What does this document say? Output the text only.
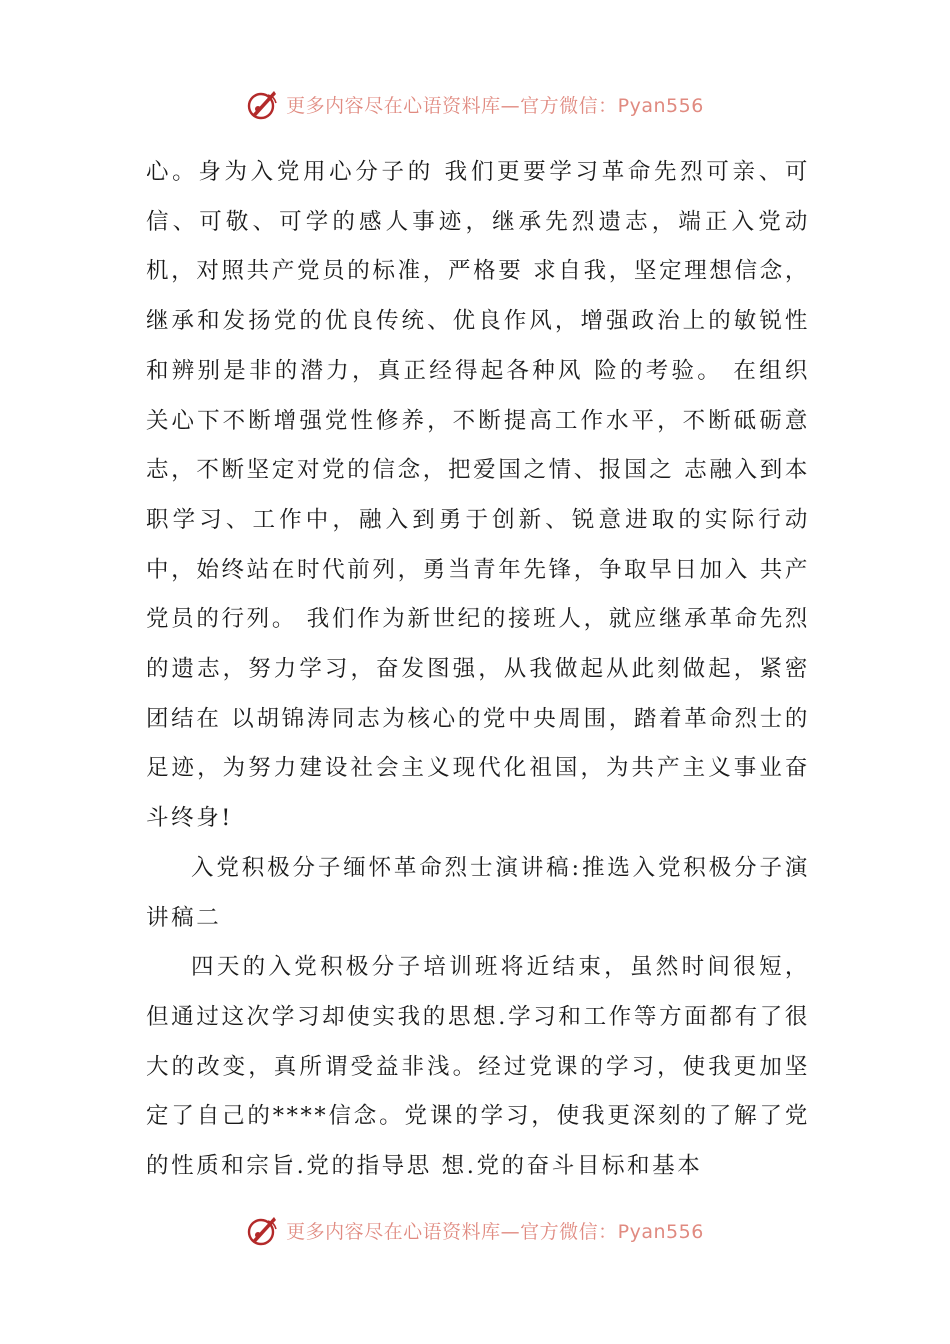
更多内容尽在心语资料库—官方微信：Pyan556

心。身为入党用心分子的 我们更要学习革命先烈可亲、可信、可敬、可学的感人事迹，继承先烈遗志，端正入党动机，对照共产党员的标准，严格要 求自我，坚定理想信念，继承和发扬党的优良传统、优良作风，增强政治上的敏锐性和辨别是非的潜力，真正经得起各种风 险的考验。 在组织关心下不断增强党性修养，不断提高工作水平，不断砥砺意志，不断坚定对党的信念，把爱国之情、报国之 志融入到本职学习、工作中，融入到勇于创新、锐意进取的实际行动中，始终站在时代前列，勇当青年先锋，争取早日加入 共产党员的行列。 我们作为新世纪的接班人，就应继承革命先烈的遗志，努力学习，奋发图强，从我做起从此刻做起，紧密团结在 以胡锦涛同志为核心的党中央周围，踏着革命烈士的足迹，为努力建设社会主义现代化祖国，为共产主义事业奋斗终身!

入党积极分子缅怀革命烈士演讲稿:推选入党积极分子演讲稿二

四天的入党积极分子培训班将近结束，虽然时间很短，但通过这次学习却使实我的思想.学习和工作等方面都有了很 大的改变，真所谓受益非浅。经过党课的学习，使我更加坚定了自己的****信念。党课的学习，使我更深刻的了解了党的性质和宗旨.党的指导思 想.党的奋斗目标和基本

更多内容尽在心语资料库—官方微信：Pyan556
